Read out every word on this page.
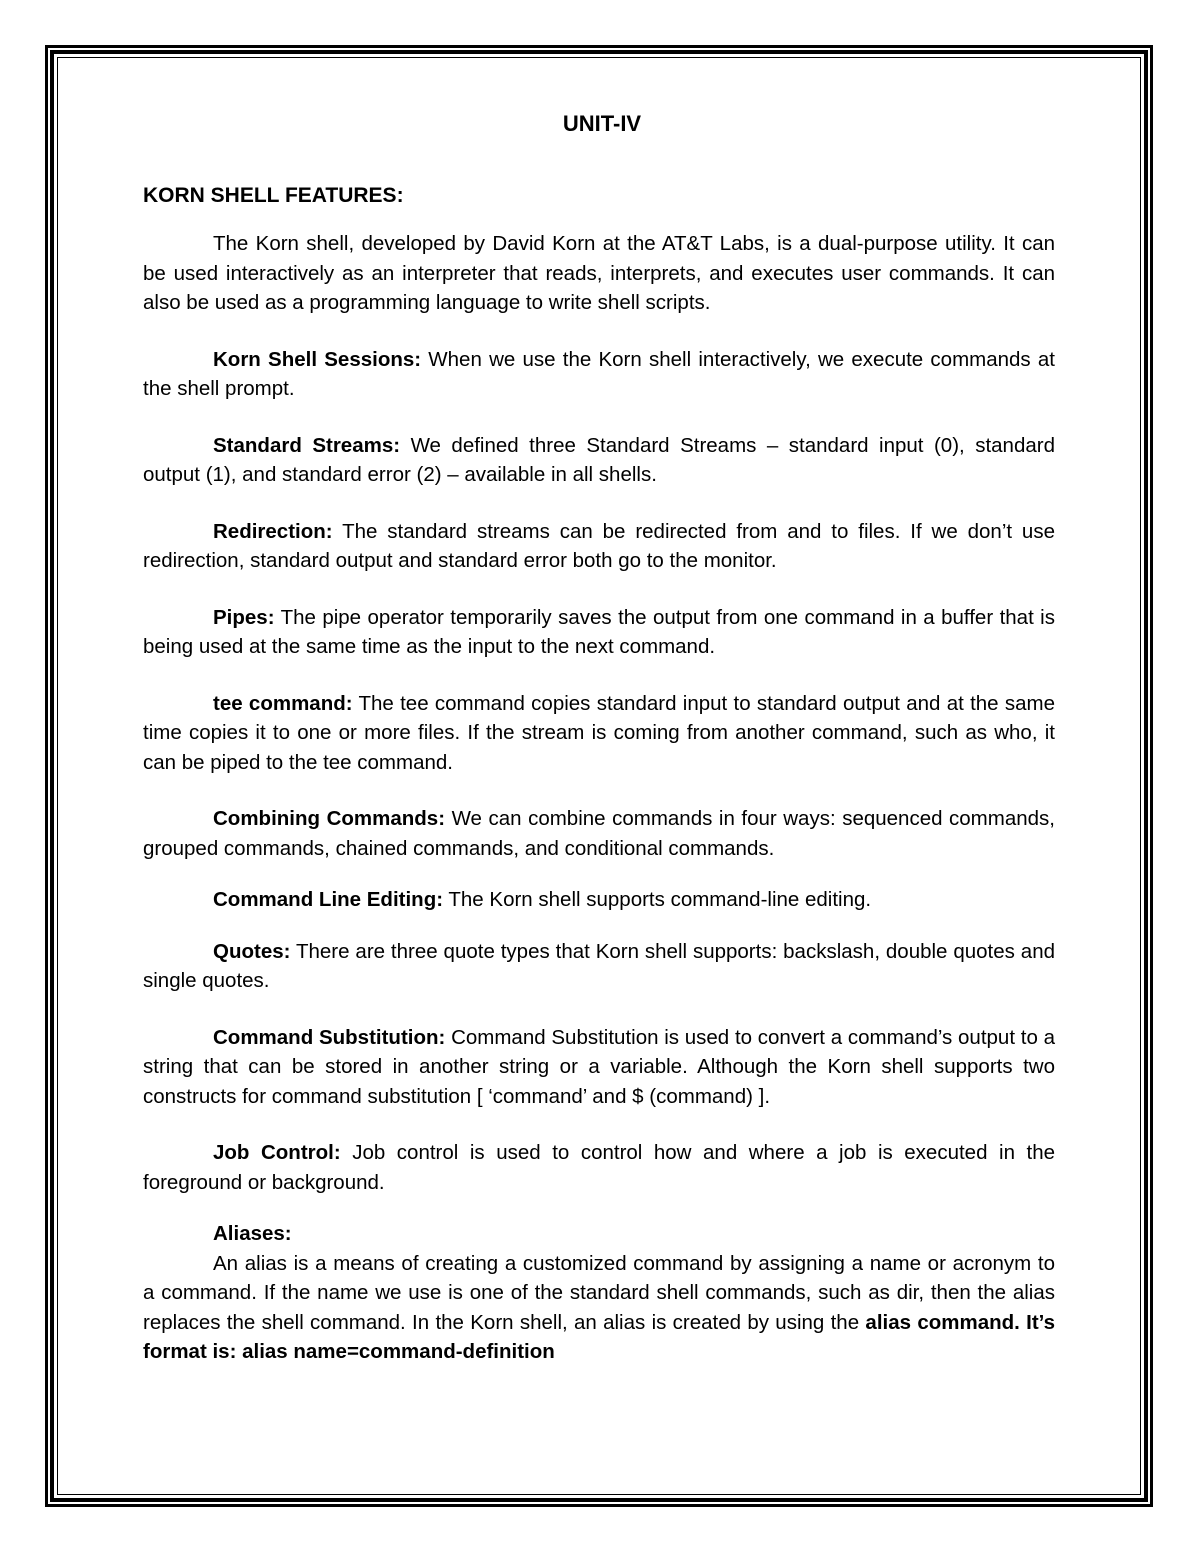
UNIT-IV
KORN SHELL FEATURES:

The Korn shell, developed by David Korn at the AT&T Labs, is a dual-purpose utility. It can be used interactively as an interpreter that reads, interprets, and executes user commands. It can also be used as a programming language to write shell scripts.

Korn Shell Sessions: When we use the Korn shell interactively, we execute commands at the shell prompt.

Standard Streams: We defined three Standard Streams – standard input (0), standard output (1), and standard error (2) – available in all shells.

Redirection: The standard streams can be redirected from and to files. If we don’t use redirection, standard output and standard error both go to the monitor.

Pipes: The pipe operator temporarily saves the output from one command in a buffer that is being used at the same time as the input to the next command.

tee command: The tee command copies standard input to standard output and at the same time copies it to one or more files. If the stream is coming from another command, such as who, it can be piped to the tee command.

Combining Commands: We can combine commands in four ways: sequenced commands, grouped commands, chained commands, and conditional commands.

Command Line Editing: The Korn shell supports command-line editing.

Quotes: There are three quote types that Korn shell supports: backslash, double quotes and single quotes.

Command Substitution: Command Substitution is used to convert a command’s output to a string that can be stored in another string or a variable. Although the Korn shell supports two constructs for command substitution [ ‘command’ and $ (command) ].

Job Control: Job control is used to control how and where a job is executed in the foreground or background.

Aliases:

An alias is a means of creating a customized command by assigning a name or acronym to a command. If the name we use is one of the standard shell commands, such as dir, then the alias replaces the shell command. In the Korn shell, an alias is created by using the alias command. It’s format is: alias name=command-definition
